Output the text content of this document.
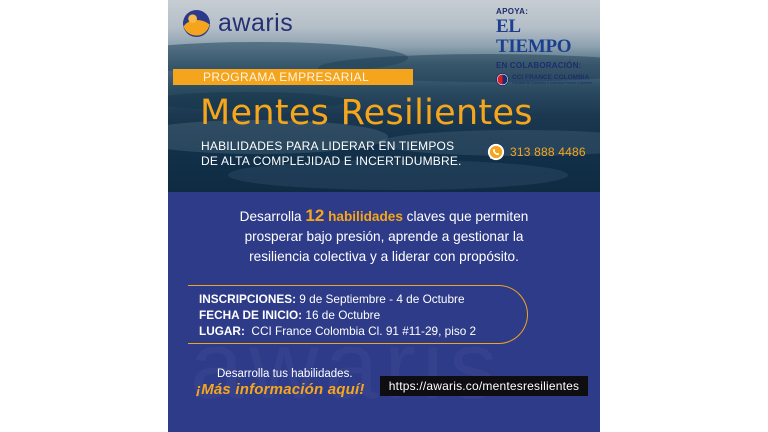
awaris	APOYA:
EL TIEMPO
EN COLABORACIÓN:
CCI FRANCE COLOMBIA
Cámara de Comercio e Industria France Colombia
PROGRAMA EMPRESARIAL
Mentes Resilientes
HABILIDADES PARA LIDERAR EN TIEMPOS
DE ALTA COMPLEJIDAD E INCERTIDUMBRE.
313 888 4486
Desarrolla 12 habilidades claves que permiten
prosperar bajo presión, aprende a gestionar la
resiliencia colectiva y a liderar con propósito.
INSCRIPCIONES: 9 de Septiembre - 4 de Octubre
FECHA DE INICIO: 16 de Octubre
LUGAR:  CCI France Colombia Cl. 91 #11-29, piso 2
Desarrolla tus habilidades.
¡Más información aquí! https://awaris.co/mentesresilientes
